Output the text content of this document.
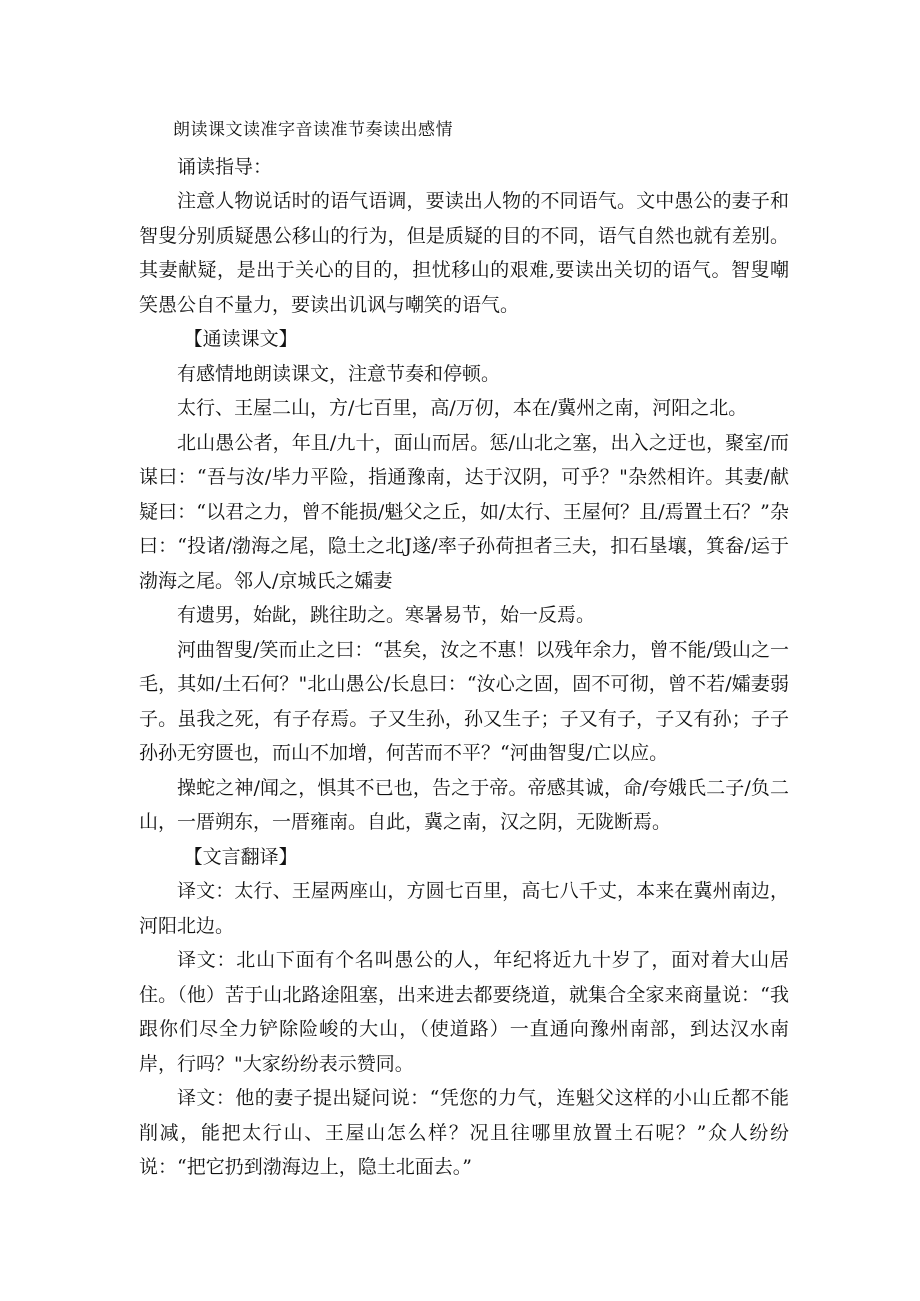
朗读课文读准字音读准节奏读出感情

诵读指导：

注意人物说话时的语气语调，要读出人物的不同语气。文中愚公的妻子和智叟分别质疑愚公移山的行为，但是质疑的目的不同，语气自然也就有差别。其妻献疑，是出于关心的目的，担忧移山的艰难,要读出关切的语气。智叟嘲笑愚公自不量力，要读出讥讽与嘲笑的语气。

【通读课文】

有感情地朗读课文，注意节奏和停顿。

太行、王屋二山，方/七百里，高/万仞，本在/冀州之南，河阳之北。

北山愚公者，年且/九十，面山而居。惩/山北之塞，出入之迂也，聚室/而谋曰：“吾与汝/毕力平险，指通豫南，达于汉阴，可乎？"杂然相许。其妻/献疑曰：“以君之力，曾不能损/魁父之丘，如/太行、王屋何？且/焉置土石？”杂曰：“投诸/渤海之尾，隐土之北J遂/率子孙荷担者三夫，扣石垦壤，箕畚/运于渤海之尾。邻人/京城氏之孀妻

有遗男，始龀，跳往助之。寒暑易节，始一反焉。

河曲智叟/笑而止之曰：“甚矣，汝之不惠！以残年余力，曾不能/毁山之一毛，其如/土石何？"北山愚公/长息曰：“汝心之固，固不可彻，曾不若/孀妻弱子。虽我之死，有子存焉。子又生孙，孙又生子；子又有子，子又有孙；子子孙孙无穷匮也，而山不加增，何苦而不平？“河曲智叟/亡以应。

操蛇之神/闻之，惧其不已也，告之于帝。帝感其诚，命/夸娥氏二子/负二山，一厝朔东，一厝雍南。自此，冀之南，汉之阴，无陇断焉。

【文言翻译】

译文：太行、王屋两座山，方圆七百里，高七八千丈，本来在冀州南边，河阳北边。

译文：北山下面有个名叫愚公的人，年纪将近九十岁了，面对着大山居住。（他）苦于山北路途阻塞，出来进去都要绕道，就集合全家来商量说：“我跟你们尽全力铲除险峻的大山，（使道路）一直通向豫州南部，到达汉水南岸，行吗？"大家纷纷表示赞同。

译文：他的妻子提出疑问说：“凭您的力气，连魁父这样的小山丘都不能削减，能把太行山、王屋山怎么样？况且往哪里放置土石呢？”众人纷纷说：“把它扔到渤海边上，隐土北面去。”
